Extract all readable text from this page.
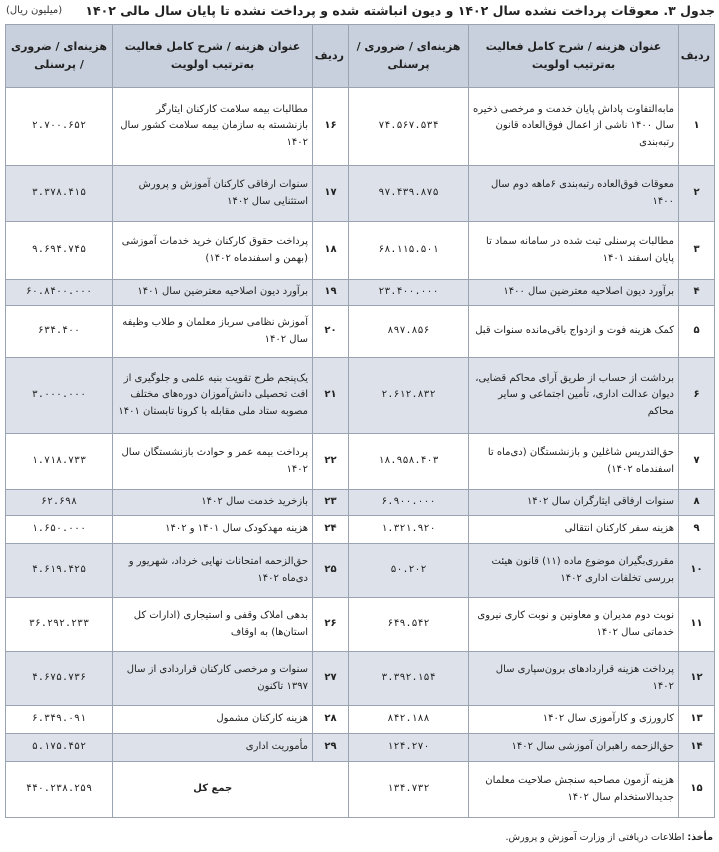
جدول ۳. معوقات پرداخت نشده سال ۱۴۰۲ و دیون انباشته شده و پرداخت نشده تا پایان سال مالی ۱۴۰۲
(میلیون ریال)
ردیف	عنوان هزینه / شرح کامل فعالیت به‌ترتیب اولویت	هزینه‌ای / ضروری / پرسنلی	ردیف	عنوان هزینه / شرح کامل فعالیت به‌ترتیب اولویت	هزینه‌ای / ضروری / پرسنلی
۱	مابه‌التفاوت پاداش پایان خدمت و مرخصی ذخیره سال ۱۴۰۰ ناشی از اعمال فوق‌العاده قانون رتبه‌بندی	۷۴.۵۶۷.۵۳۴	۱۶	مطالبات بیمه سلامت کارکنان ایثارگر بازنشسته به سازمان بیمه سلامت کشور سال ۱۴۰۲	۲.۷۰۰.۶۵۲
۲	معوقات فوق‌العاده رتبه‌بندی ۶ماهه دوم سال ۱۴۰۰	۹۷.۴۳۹.۸۷۵	۱۷	سنوات ارفاقی کارکنان آموزش و پرورش استثنایی سال ۱۴۰۲	۳.۳۷۸.۴۱۵
۳	مطالبات پرسنلی ثبت شده در سامانه سماد تا پایان اسفند ۱۴۰۱	۶۸.۱۱۵.۵۰۱	۱۸	پرداخت حقوق کارکنان خرید خدمات آموزشی (بهمن و اسفندماه ۱۴۰۲)	۹.۶۹۴.۷۴۵
۴	برآورد دیون اصلاحیه معترضین سال ۱۴۰۰	۲۳.۴۰۰.۰۰۰	۱۹	برآورد دیون اصلاحیه معترضین سال ۱۴۰۱	۶۰.۸۴۰۰.۰۰۰
۵	کمک هزینه فوت و ازدواج باقی‌مانده سنوات قبل	۸۹۷.۸۵۶	۲۰	آموزش نظامی سرباز معلمان و طلاب وظیفه سال ۱۴۰۲	۶۳۴.۴۰۰
۶	برداشت از حساب از طریق آرای محاکم قضایی، دیوان عدالت اداری، تأمین اجتماعی و سایر محاکم	۲.۶۱۲.۸۳۲	۲۱	یک‌پنجم طرح تقویت بنیه علمی و جلوگیری از افت تحصیلی دانش‌آموزان دوره‌های مختلف مصوبه ستاد ملی مقابله با کرونا تابستان ۱۴۰۱	۳.۰۰۰.۰۰۰
۷	حق‌التدریس شاغلین و بازنشستگان (دی‌ماه تا اسفندماه ۱۴۰۲)	۱۸.۹۵۸.۴۰۳	۲۲	پرداخت بیمه عمر و حوادث بازنشستگان سال ۱۴۰۲	۱.۷۱۸.۷۳۳
۸	سنوات ارفاقی ایثارگران سال ۱۴۰۲	۶.۹۰۰.۰۰۰	۲۳	بازخرید خدمت سال ۱۴۰۲	۶۲.۶۹۸
۹	هزینه سفر کارکنان انتقالی	۱.۳۲۱.۹۲۰	۲۴	هزینه مهدکودک سال ۱۴۰۱ و ۱۴۰۲	۱.۶۵۰.۰۰۰
۱۰	مقرری‌بگیران موضوع ماده (۱۱) قانون هیئت بررسی تخلفات اداری ۱۴۰۲	۵۰.۲۰۲	۲۵	حق‌الزحمه امتحانات نهایی خرداد، شهریور و دی‌ماه ۱۴۰۲	۴.۶۱۹.۴۲۵
۱۱	نوبت دوم مدیران و معاونین و نوبت کاری نیروی خدماتی سال ۱۴۰۲	۶۴۹.۵۴۲	۲۶	بدهی املاک وقفی و استیجاری (ادارات کل استان‌ها) به اوقاف	۳۶.۲۹۲.۲۳۳
۱۲	پرداخت هزینه قراردادهای برون‌سپاری سال ۱۴۰۲	۳.۳۹۲.۱۵۴	۲۷	سنوات و مرخصی کارکنان قراردادی از سال ۱۳۹۷ تاکنون	۴.۶۷۵.۷۳۶
۱۳	کارورزی و کارآموزی سال ۱۴۰۲	۸۴۲.۱۸۸	۲۸	هزینه کارکنان مشمول	۶.۳۴۹.۰۹۱
۱۴	حق‌الزحمه راهبران آموزشی سال ۱۴۰۲	۱۲۴.۲۷۰	۲۹	مأموریت اداری	۵.۱۷۵.۴۵۲
۱۵	هزینه آزمون مصاحبه سنجش صلاحیت معلمان جدیدالاستخدام سال ۱۴۰۲	۱۳۴.۷۳۲		جمع کل	۴۴۰.۲۳۸.۲۵۹
مأخذ: اطلاعات دریافتی از وزارت آموزش و پرورش.
